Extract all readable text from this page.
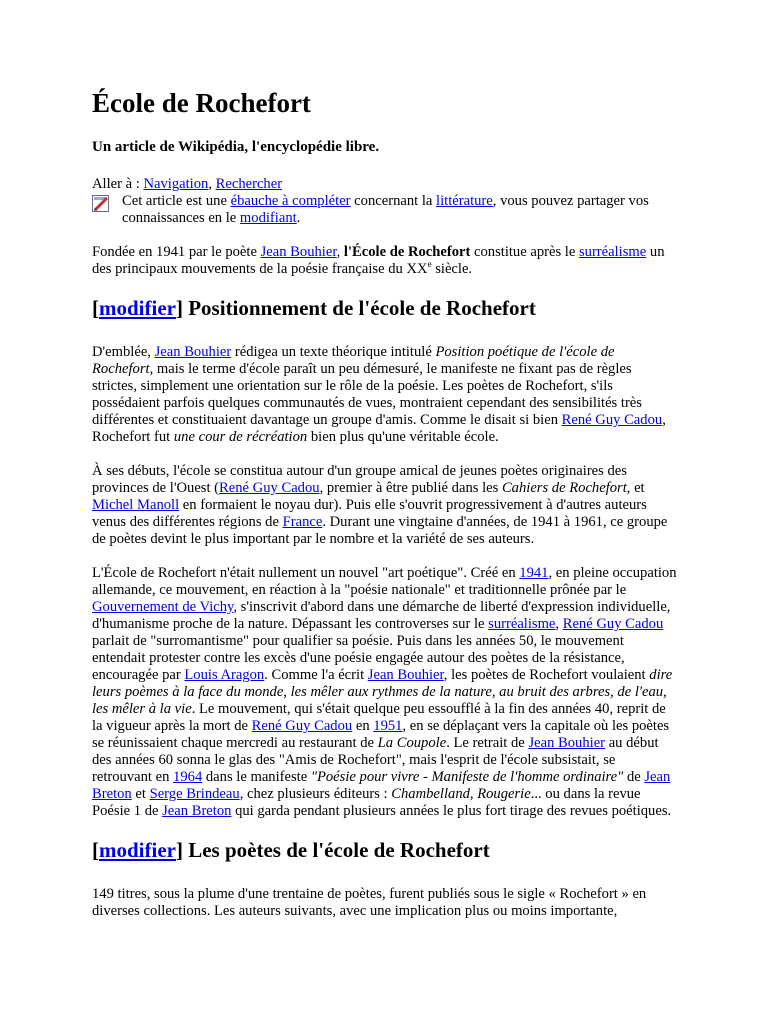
École de Rochefort

Un article de Wikipédia, l'encyclopédie libre.

Aller à : Navigation, Rechercher

Cet article est une ébauche à compléter concernant la littérature, vous pouvez partager vos connaissances en le modifiant.

Fondée en 1941 par le poète Jean Bouhier, l'École de Rochefort constitue après le surréalisme un des principaux mouvements de la poésie française du XXe siècle.

[modifier] Positionnement de l'école de Rochefort

D'emblée, Jean Bouhier rédigea un texte théorique intitulé Position poétique de l'école de Rochefort, mais le terme d'école paraît un peu démesuré, le manifeste ne fixant pas de règles strictes, simplement une orientation sur le rôle de la poésie. Les poètes de Rochefort, s'ils possédaient parfois quelques communautés de vues, montraient cependant des sensibilités très différentes et constituaient davantage un groupe d'amis. Comme le disait si bien René Guy Cadou, Rochefort fut une cour de récréation bien plus qu'une véritable école.

À ses débuts, l'école se constitua autour d'un groupe amical de jeunes poètes originaires des provinces de l'Ouest (René Guy Cadou, premier à être publié dans les Cahiers de Rochefort, et Michel Manoll en formaient le noyau dur). Puis elle s'ouvrit progressivement à d'autres auteurs venus des différentes régions de France. Durant une vingtaine d'années, de 1941 à 1961, ce groupe de poètes devint le plus important par le nombre et la variété de ses auteurs.

L'École de Rochefort n'était nullement un nouvel "art poétique". Créé en 1941, en pleine occupation allemande, ce mouvement, en réaction à la "poésie nationale" et traditionnelle prônée par le Gouvernement de Vichy, s'inscrivit d'abord dans une démarche de liberté d'expression individuelle, d'humanisme proche de la nature. Dépassant les controverses sur le surréalisme, René Guy Cadou parlait de "surromantisme" pour qualifier sa poésie. Puis dans les années 50, le mouvement entendait protester contre les excès d'une poésie engagée autour des poètes de la résistance, encouragée par Louis Aragon. Comme l'a écrit Jean Bouhier, les poètes de Rochefort voulaient dire leurs poèmes à la face du monde, les mêler aux rythmes de la nature, au bruit des arbres, de l'eau, les mêler à la vie. Le mouvement, qui s'était quelque peu essoufflé à la fin des années 40, reprit de la vigueur après la mort de René Guy Cadou en 1951, en se déplaçant vers la capitale où les poètes se réunissaient chaque mercredi au restaurant de La Coupole. Le retrait de Jean Bouhier au début des années 60 sonna le glas des "Amis de Rochefort", mais l'esprit de l'école subsistait, se retrouvant en 1964 dans le manifeste "Poésie pour vivre - Manifeste de l'homme ordinaire" de Jean Breton et Serge Brindeau, chez plusieurs éditeurs : Chambelland, Rougerie... ou dans la revue Poésie 1 de Jean Breton qui garda pendant plusieurs années le plus fort tirage des revues poétiques.

[modifier] Les poètes de l'école de Rochefort

149 titres, sous la plume d'une trentaine de poètes, furent publiés sous le sigle « Rochefort » en diverses collections. Les auteurs suivants, avec une implication plus ou moins importante,
